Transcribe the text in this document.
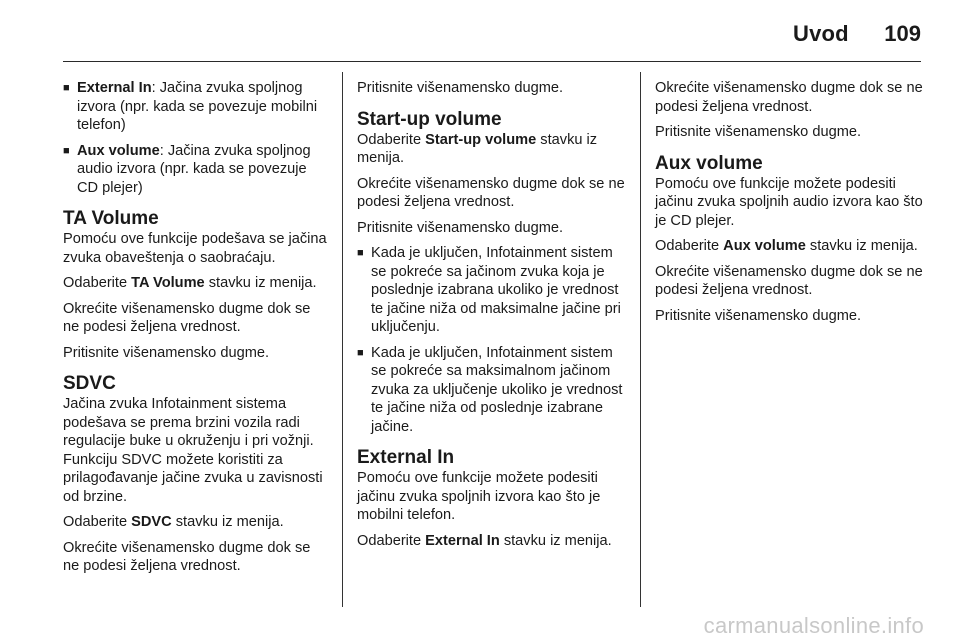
Uvod	109
■ External In: Jačina zvuka spoljnog izvora (npr. kada se povezuje mobilni telefon)
■ Aux volume: Jačina zvuka spoljnog audio izvora (npr. kada se povezuje CD plejer)
TA Volume

Pomoću ove funkcije podešava se jačina zvuka obaveštenja o saobraćaju.

Odaberite TA Volume stavku iz menija.

Okrećite višenamensko dugme dok se ne podesi željena vrednost.

Pritisnite višenamensko dugme.

SDVC

Jačina zvuka Infotainment sistema podešava se prema brzini vozila radi regulacije buke u okruženju i pri vožnji. Funkciju SDVC možete koristiti za prilagođavanje jačine zvuka u zavisnosti od brzine.

Odaberite SDVC stavku iz menija.

Okrećite višenamensko dugme dok se ne podesi željena vrednost.

Pritisnite višenamensko dugme.

Start-up volume

Odaberite Start-up volume stavku iz menija.

Okrećite višenamensko dugme dok se ne podesi željena vrednost.

Pritisnite višenamensko dugme.

■ Kada je uključen, Infotainment sistem se pokreće sa jačinom zvuka koja je poslednje izabrana ukoliko je vrednost te jačine niža od maksimalne jačine pri uključenju.
■ Kada je uključen, Infotainment sistem se pokreće sa maksimalnom jačinom zvuka za uključenje ukoliko je vrednost te jačine niža od poslednje izabrane jačine.
External In

Pomoću ove funkcije možete podesiti jačinu zvuka spoljnih izvora kao što je mobilni telefon.

Odaberite External In stavku iz menija.

Okrećite višenamensko dugme dok se ne podesi željena vrednost.

Pritisnite višenamensko dugme.

Aux volume

Pomoću ove funkcije možete podesiti jačinu zvuka spoljnih audio izvora kao što je CD plejer.

Odaberite Aux volume stavku iz menija.

Okrećite višenamensko dugme dok se ne podesi željena vrednost.

Pritisnite višenamensko dugme.

carmanualsonline.info
